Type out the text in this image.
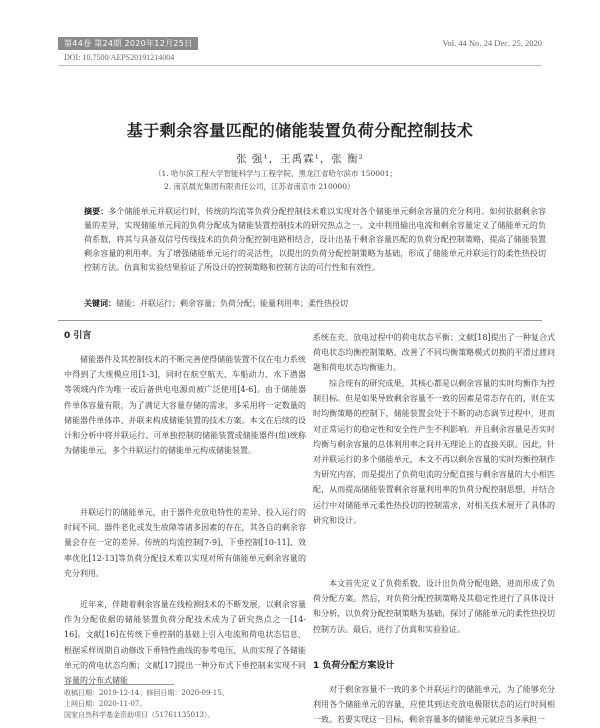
第44卷 第24期 2020年12月25日	Vol. 44 No. 24 Dec. 25, 2020
DOI: 10.7500/AEPS20191214004
基于剩余容量匹配的储能装置负荷分配控制技术
张 强¹，王禹霖¹，张 衡²
（1. 哈尔滨工程大学智能科学与工程学院，黑龙江省哈尔滨市 150001；
2. 南京晨光集团有限责任公司，江苏省南京市 210000）

摘要：多个储能单元并联运行时，传统的均流等负荷分配控制技术难以实现对各个储能单元剩余容量的充分利用。如何依据剩余容量的差异，实现储能单元间的负荷分配成为储能装置控制技术的研究热点之一。文中利用输出电流和剩余容量定义了储能单元的负荷系数，将其与具备双信号传线技术的负荷分配控制电路相结合，设计出基于剩余容量匹配的负荷分配控制策略，提高了储能装置剩余容量的利用率。为了增强储能单元运行的灵活性，以提出的负荷分配控制策略为基础，形成了储能单元并联运行的柔性热投切控制方法。仿真和实验结果验证了所设计的控制策略和控制方法的可行性和有效性。

关键词：储能；并联运行；剩余容量；负荷分配；能量利用率；柔性热投切

0 引言

储能器件及其控制技术的不断完善使得储能装置不仅在电力系统中得到了大规模应用[1-3]，同时在航空航天、车船动力、水下潜器等领域内作为唯一或后备供电电源而被广泛使用[4-6]。由于储能器件单体容量有限，为了满足大容量存储的需求，多采用将一定数量的储能器件单体串、并联来构成储能装置的技术方案。本文在后续的设计和分析中将并联运行、可单独控制的储能装置或储能器件(组)统称为储能单元，多个并联运行的储能单元构成储能装置。

并联运行的储能单元，由于器件充放电特性的差异、投入运行的时间不同、器件老化或发生故障等诸多因素的存在，其各自的剩余容量会存在一定的差异。传统的均流控制[7-9]、下垂控制[10-11]、效率优化[12-13]等负荷分配技术难以实现对所有储能单元剩余容量的充分利用。

近年来，伴随着剩余容量在线检测技术的不断发展，以剩余容量作为分配依据的储能装置负荷分配技术成为了研究热点之一[14-16]。文献[16]在传统下垂控制的基础上引入电流和荷电状态信息，根据采样周期自动修改下垂特性曲线的参考电压，从而实现了各储能单元的荷电状态均衡；文献[17]提出一种分布式下垂控制来实现不同容量的分布式储能

系统在充、放电过程中的荷电状态平衡；文献[18]提出了一种复合式荷电状态均衡控制策略，改善了不同均衡策略模式切换的平滑过渡问题和荷电状态均衡能力。

综合现有的研究成果，其核心都是以剩余容量的实时均衡作为控制目标。但是如果导致剩余容量不一致的因素是常态存在的，则在实时均衡策略的控制下，储能装置会处于不断的动态调节过程中，进而对正常运行的稳定性和安全性产生不利影响。并且剩余容量是否实时均衡与剩余容量的总体利用率之间并无理论上的直接关联。因此，针对并联运行的多个储能单元，本文不再以剩余容量的实时均衡控制作为研究内容，而是提出了负荷电流的分配直接与剩余容量的大小相匹配，从而提高储能装置剩余容量利用率的负荷分配控制思想，并结合运行中对储能单元柔性热投切的控制需求，对相关技术展开了具体的研究和设计。

本文首先定义了负荷系数，设计出负荷分配电路，进而形成了负荷分配方案。然后，对负荷分配控制策略及其稳定性进行了具体设计和分析，以负荷分配控制策略为基础，探讨了储能单元的柔性热投切控制方法。最后，进行了仿真和实验验证。

1 负荷分配方案设计

对于剩余容量不一致的多个并联运行的储能单元，为了能够充分利用各个储能单元的容量，应使其到达充放电极限状态的运行时间相一致。若要实现这一目标，剩余容量多的储能单元就应当多承担一

收稿日期：2019-12-14；修回日期：2020-09-15。
上网日期：2020-11-07。
国家自然科学基金资助项目（51761135013）。
